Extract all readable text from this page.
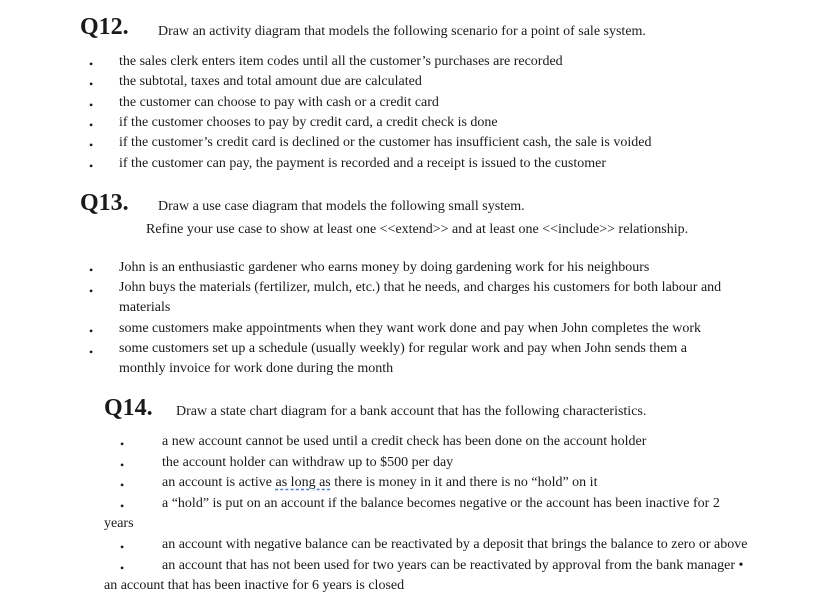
Q12. Draw an activity diagram that models the following scenario for a point of sale system.
• the sales clerk enters item codes until all the customer’s purchases are recorded
• the subtotal, taxes and total amount due are calculated
• the customer can choose to pay with cash or a credit card
• if the customer chooses to pay by credit card, a credit check is done
• if the customer’s credit card is declined or the customer has insufficient cash, the sale is voided
• if the customer can pay, the payment is recorded and a receipt is issued to the customer
Q13. Draw a use case diagram that models the following small system.
Refine your use case to show at least one <<extend>> and at least one <<include>> relationship.
• John is an enthusiastic gardener who earns money by doing gardening work for his neighbours
• John buys the materials (fertilizer, mulch, etc.) that he needs, and charges his customers for both labour and
materials
• some customers make appointments when they want work done and pay when John completes the work
• some customers set up a schedule (usually weekly) for regular work and pay when John sends them a
monthly invoice for work done during the month
Q14. Draw a state chart diagram for a bank account that has the following characteristics.
•	a new account cannot be used until a credit check has been done on the account holder
•	the account holder can withdraw up to $500 per day
•	an account is active as long as there is money in it and there is no “hold” on it
•	a “hold” is put on an account if the balance becomes negative or the account has been inactive for 2
years
•	an account with negative balance can be reactivated by a deposit that brings the balance to zero or above
•	an account that has not been used for two years can be reactivated by approval from the bank manager •
an account that has been inactive for 6 years is closed
